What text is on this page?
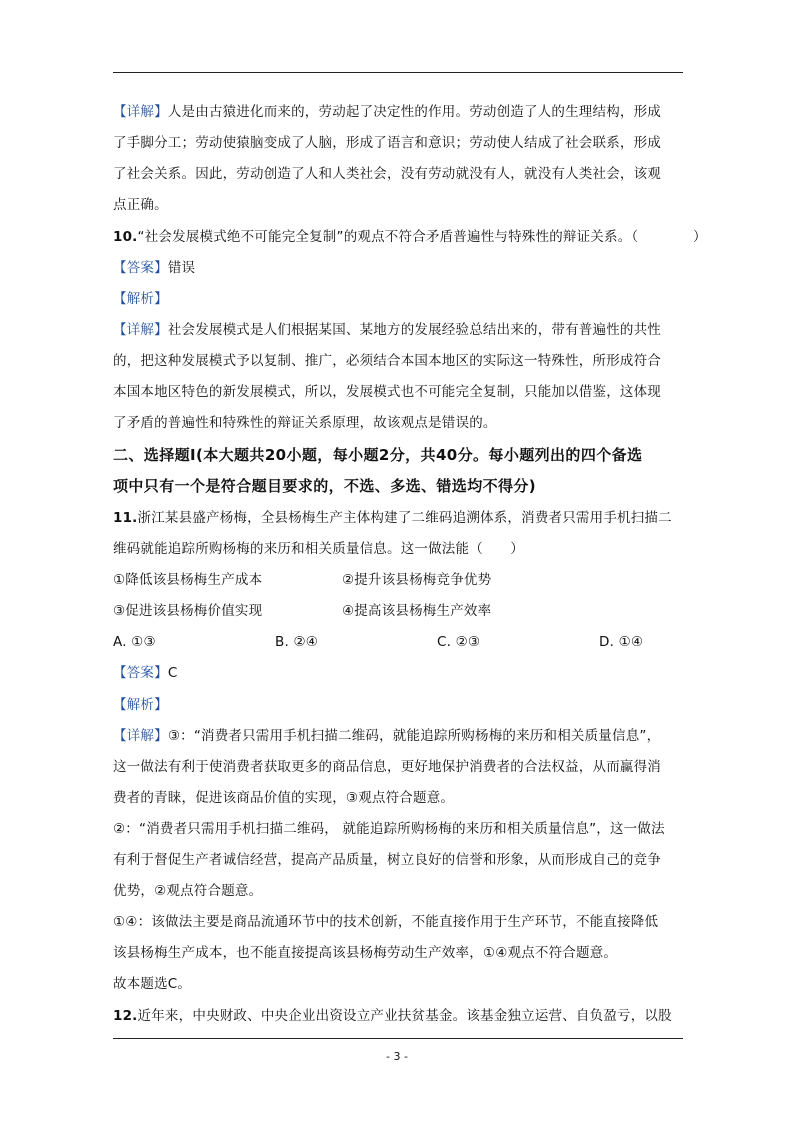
【详解】人是由古猿进化而来的，劳动起了决定性的作用。劳动创造了人的生理结构，形成
了手脚分工；劳动使猿脑变成了人脑，形成了语言和意识；劳动使人结成了社会联系，形成
了社会关系。因此，劳动创造了人和人类社会，没有劳动就没有人，就没有人类社会，该观
点正确。
10.“社会发展模式绝不可能完全复制”的观点不符合矛盾普遍性与特殊性的辩证关系。（	）
【答案】错误
【解析】
【详解】社会发展模式是人们根据某国、某地方的发展经验总结出来的，带有普遍性的共性
的，把这种发展模式予以复制、推广，必须结合本国本地区的实际这一特殊性，所形成符合
本国本地区特色的新发展模式，所以，发展模式也不可能完全复制，只能加以借鉴，这体现
了矛盾的普遍性和特殊性的辩证关系原理，故该观点是错误的。
二、选择题Ⅰ(本大题共20小题，每小题2分，共40分。每小题列出的四个备选
项中只有一个是符合题目要求的，不选、多选、错选均不得分)
11.浙江某县盛产杨梅，全县杨梅生产主体构建了二维码追溯体系，消费者只需用手机扫描二
维码就能追踪所购杨梅的来历和相关质量信息。这一做法能（　　）
①降低该县杨梅生产成本	②提升该县杨梅竞争优势
③促进该县杨梅价值实现	④提高该县杨梅生产效率
A. ①③	B. ②④	C. ②③	D. ①④
【答案】C
【解析】
【详解】③：“消费者只需用手机扫描二维码，就能追踪所购杨梅的来历和相关质量信息”，
这一做法有利于使消费者获取更多的商品信息，更好地保护消费者的合法权益，从而赢得消
费者的青睐，促进该商品价值的实现，③观点符合题意。
②：“消费者只需用手机扫描二维码， 就能追踪所购杨梅的来历和相关质量信息”，这一做法
有利于督促生产者诚信经营，提高产品质量，树立良好的信誉和形象，从而形成自己的竞争
优势，②观点符合题意。
①④：该做法主要是商品流通环节中的技术创新，不能直接作用于生产环节，不能直接降低
该县杨梅生产成本，也不能直接提高该县杨梅劳动生产效率，①④观点不符合题意。
故本题选C。
12.近年来，中央财政、中央企业出资设立产业扶贫基金。该基金独立运营、自负盈亏，以股
- 3 -
